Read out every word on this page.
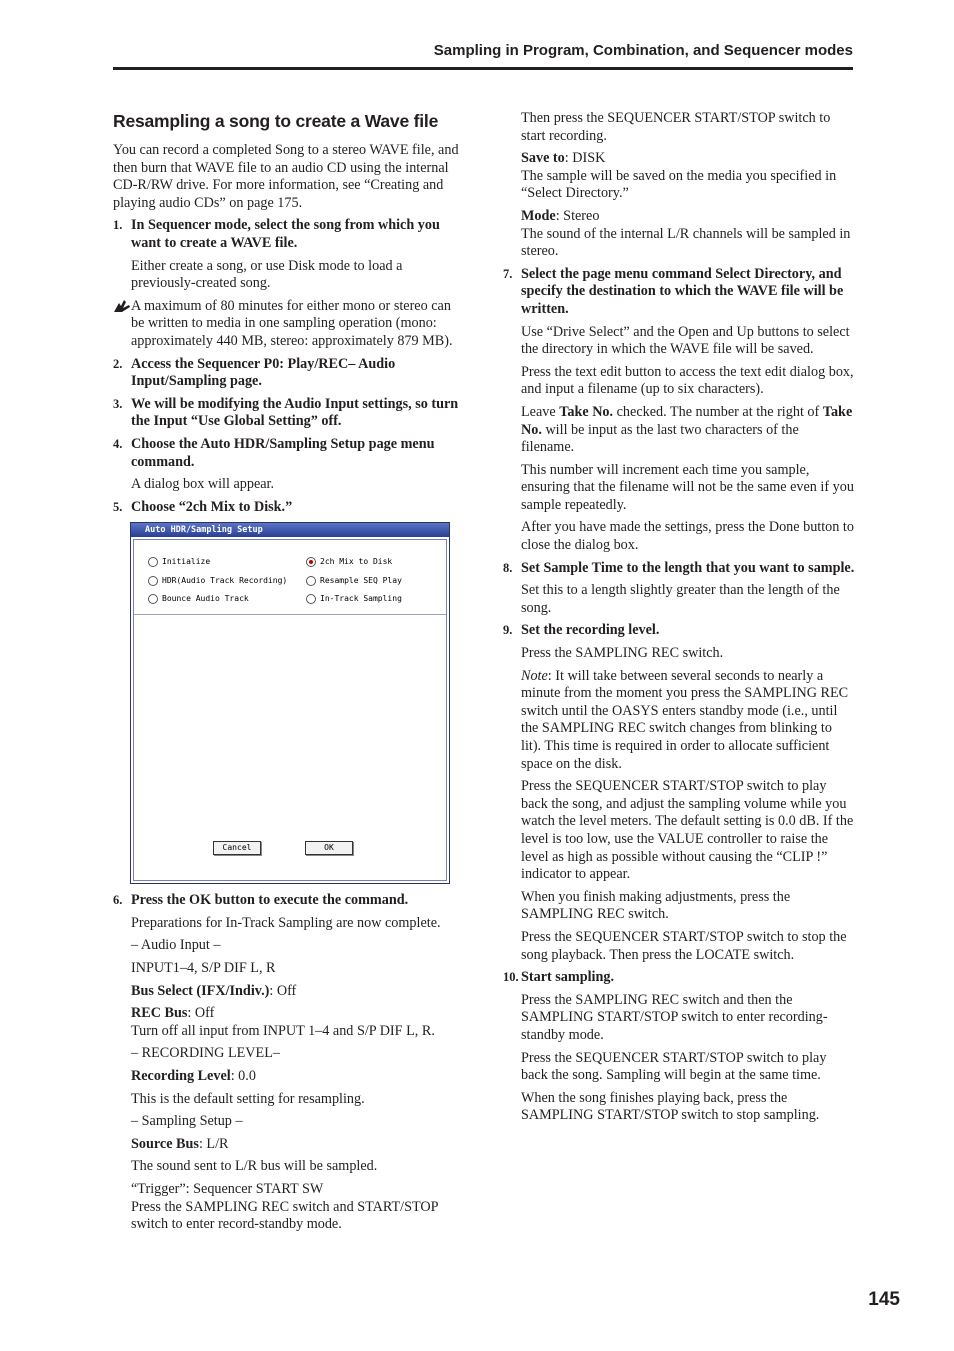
Sampling in Program, Combination, and Sequencer modes
Resampling a song to create a Wave file

You can record a completed Song to a stereo WAVE file, and then burn that WAVE file to an audio CD using the internal CD-R/RW drive. For more information, see “Creating and playing audio CDs” on page 175.

1. In Sequencer mode, select the song from which you want to create a WAVE file.

Either create a song, or use Disk mode to load a previously-created song.

A maximum of 80 minutes for either mono or stereo can be written to media in one sampling operation (mono: approximately 440 MB, stereo: approximately 879 MB).
2. Access the Sequencer P0: Play/REC– Audio Input/Sampling page.
3. We will be modifying the Audio Input settings, so turn the Input “Use Global Setting” off.
4. Choose the Auto HDR/Sampling Setup page menu command.

A dialog box will appear.

5. Choose “2ch Mix to Disk.”
Auto HDR/Sampling Setup
Initialize	2ch Mix to Disk
HDR(Audio Track Recording)	Resample SEQ Play
Bounce Audio Track	In-Track Sampling
Cancel	OK
6. Press the OK button to execute the command.

Preparations for In-Track Sampling are now complete.

– Audio Input –

INPUT1–4, S/P DIF L, R

Bus Select (IFX/Indiv.): Off

REC Bus: Off

Turn off all input from INPUT 1–4 and S/P DIF L, R.

– RECORDING LEVEL–

Recording Level: 0.0

This is the default setting for resampling.

– Sampling Setup –

Source Bus: L/R

The sound sent to L/R bus will be sampled.

“Trigger”: Sequencer START SW

Press the SAMPLING REC switch and START/STOP switch to enter record-standby mode.

Then press the SEQUENCER START/STOP switch to start recording.

Save to: DISK

The sample will be saved on the media you specified in “Select Directory.”

Mode: Stereo

The sound of the internal L/R channels will be sampled in stereo.

7. Select the page menu command Select Directory, and specify the destination to which the WAVE file will be written.

Use “Drive Select” and the Open and Up buttons to select the directory in which the WAVE file will be saved.

Press the text edit button to access the text edit dialog box, and input a filename (up to six characters).

Leave Take No. checked. The number at the right of Take No. will be input as the last two characters of the filename.

This number will increment each time you sample, ensuring that the filename will not be the same even if you sample repeatedly.

After you have made the settings, press the Done button to close the dialog box.

8. Set Sample Time to the length that you want to sample.

Set this to a length slightly greater than the length of the song.

9. Set the recording level.

Press the SAMPLING REC switch.

Note: It will take between several seconds to nearly a minute from the moment you press the SAMPLING REC switch until the OASYS enters standby mode (i.e., until the SAMPLING REC switch changes from blinking to lit). This time is required in order to allocate sufficient space on the disk.

Press the SEQUENCER START/STOP switch to play back the song, and adjust the sampling volume while you watch the level meters. The default setting is 0.0 dB. If the level is too low, use the VALUE controller to raise the level as high as possible without causing the “CLIP !” indicator to appear.

When you finish making adjustments, press the SAMPLING REC switch.

Press the SEQUENCER START/STOP switch to stop the song playback. Then press the LOCATE switch.

10. Start sampling.

Press the SAMPLING REC switch and then the SAMPLING START/STOP switch to enter recording-standby mode.

Press the SEQUENCER START/STOP switch to play back the song. Sampling will begin at the same time.

When the song finishes playing back, press the SAMPLING START/STOP switch to stop sampling.

145
